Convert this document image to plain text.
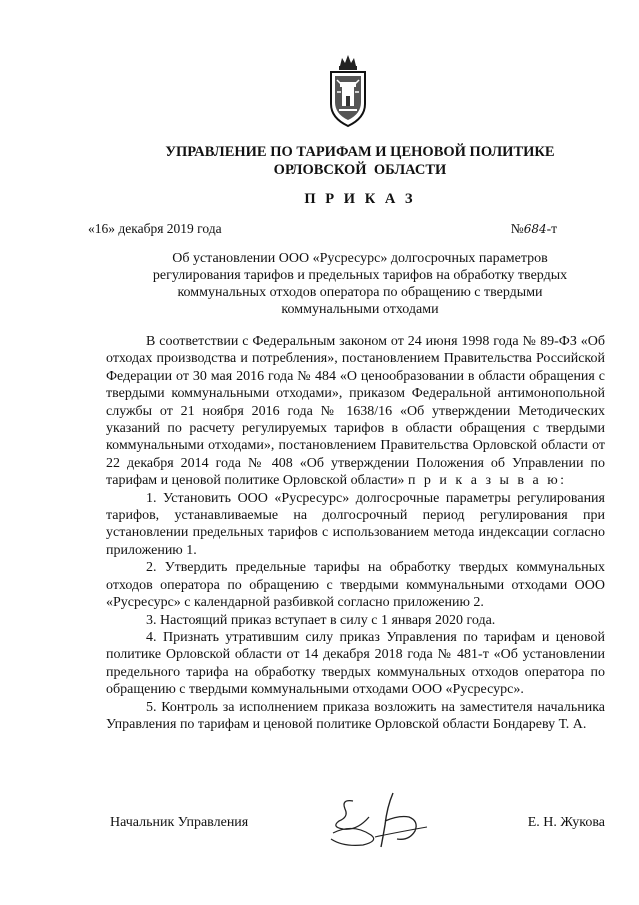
УПРАВЛЕНИЕ ПО ТАРИФАМ И ЦЕНОВОЙ ПОЛИТИКЕ
ОРЛОВСКОЙ  ОБЛАСТИ
П Р И К А З
«16» декабря 2019 года	№684-т
Об установлении ООО «Русресурс» долгосрочных параметров
регулирования тарифов и предельных тарифов на обработку твердых
коммунальных отходов оператора по обращению с твердыми
коммунальными отходами

В соответствии с Федеральным законом от 24 июня 1998 года № 89-ФЗ «Об отходах производства и потребления», постановлением Правительства Российской Федерации от 30 мая 2016 года № 484 «О ценообразовании в области обращения с твердыми коммунальными отходами», приказом Федеральной антимонопольной службы от 21 ноября 2016 года № 1638/16 «Об утверждении Методических указаний по расчету регулируемых тарифов в области обращения с твердыми коммунальными отходами», постановлением Правительства Орловской области от 22 декабря 2014 года № 408 «Об утверждении Положения об Управлении по тарифам и ценовой политике Орловской области» п р и к а з ы в а ю:

1. Установить ООО «Русресурс» долгосрочные параметры регулирования тарифов, устанавливаемые на долгосрочный период регулирования при установлении предельных тарифов с использованием метода индексации согласно приложению 1.

2. Утвердить предельные тарифы на обработку твердых коммунальных отходов оператора по обращению с твердыми коммунальными отходами ООО «Русресурс» с календарной разбивкой согласно приложению 2.

3. Настоящий приказ вступает в силу с 1 января 2020 года.

4. Признать утратившим силу приказ Управления по тарифам и ценовой политике Орловской области от 14 декабря 2018 года № 481-т «Об установлении предельного тарифа на обработку твердых коммунальных отходов оператора по обращению с твердыми коммунальными отходами ООО «Русресурс».

5. Контроль за исполнением приказа возложить на заместителя начальника Управления по тарифам и ценовой политике Орловской области Бондареву Т. А.

Начальник Управления	Е. Н. Жукова
